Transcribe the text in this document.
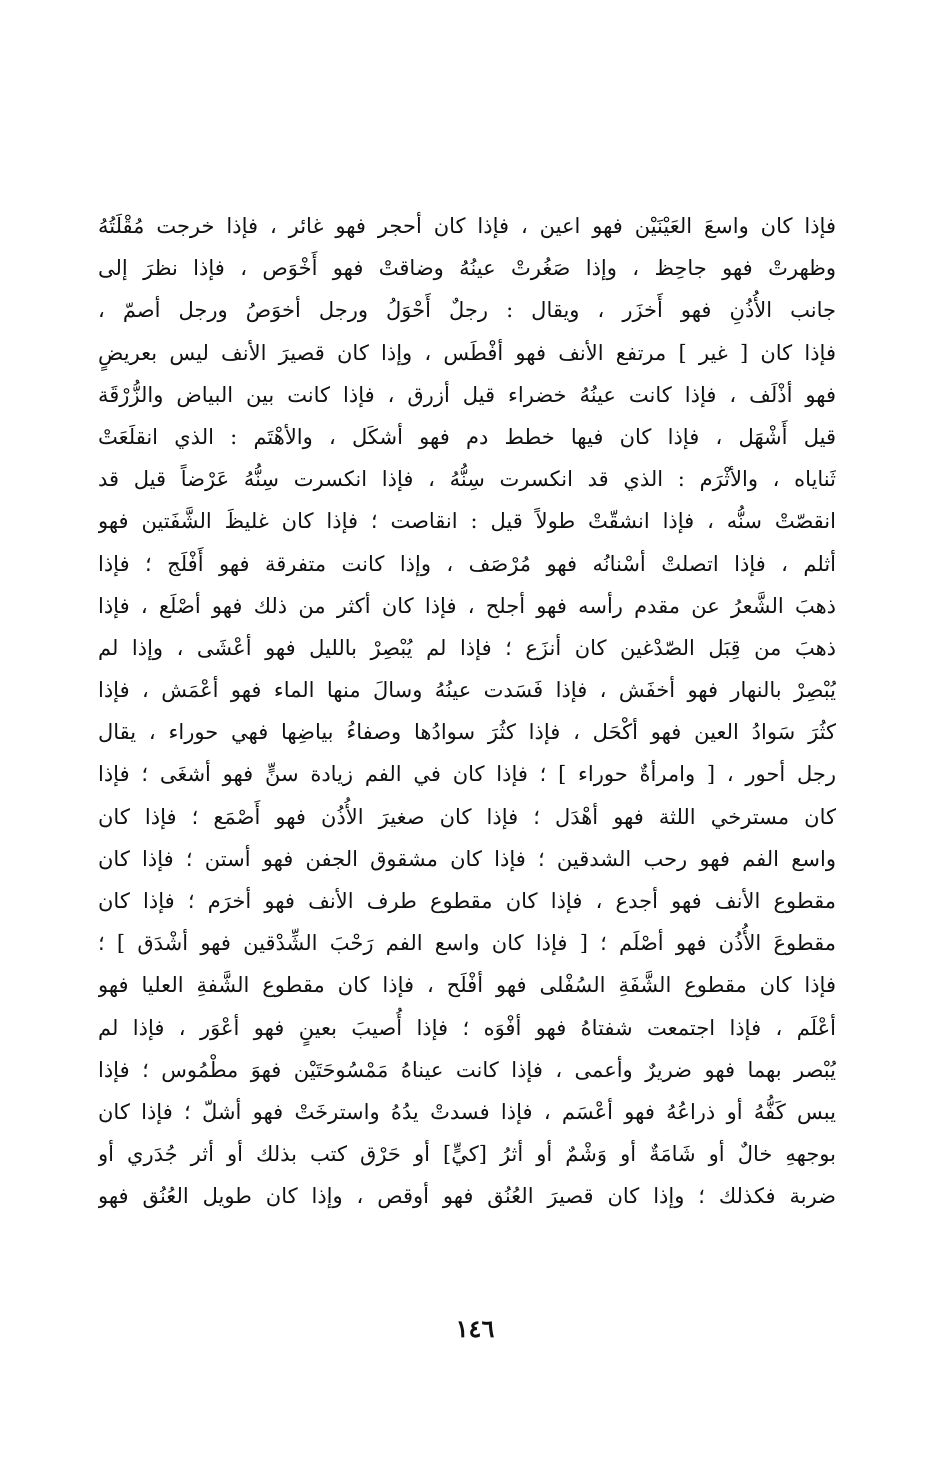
فإذا كان واسعَ العَيْنَيْن فهو اعين ، فإذا كان أحجر فهو غائر ، فإذا خرجت مُقْلَتُهُ
وظهرتْ فهو جاحِظ ، وإذا صَغُرتْ عينُهُ وضاقتْ فهو أَخْوَص ، فإذا نظرَ إلى
جانب الأُذُنِ فهو أَخزَر ، ويقال : رجلٌ أَحْوَلُ ورجل أخوَصُ ورجل أصمّ ،
فإذا كان [ غير ] مرتفع الأنف فهو أفْطَس ، وإذا كان قصيرَ الأنف ليس بعريضٍ
فهو أذْلَف ، فإذا كانت عينُهُ خضراء قيل أزرق ، فإذا كانت بين البياض والزُّرْقَة
قيل أَشْهَل ، فإذا كان فيها خطط دم فهو أشكَل ، والأهْتَم : الذي انقلَعَتْ
ثَناياه ، والأثْرَم : الذي قد انكسرت سِنُّهُ ، فإذا انكسرت سِنُّهُ عَرْضاً قيل قد
انقصّتْ سنُّه ، فإذا انشقّتْ طولاً قيل : انقاصت ؛ فإذا كان غليظَ الشَّفَتين فهو
أثلم ، فإذا اتصلتْ أسْنانُه فهو مُرْصَف ، وإذا كانت متفرقة فهو أَفْلَج ؛ فإذا
ذهبَ الشَّعرُ عن مقدم رأسه فهو أجلح ، فإذا كان أكثر من ذلك فهو أصْلَع ، فإذا
ذهبَ من قِبَل الصّدْغين كان أنزَع ؛ فإذا لم يُبْصِرْ بالليل فهو أعْشَى ، وإذا لم
يُبْصِرْ بالنهار فهو أخفَش ، فإذا فَسَدت عينُهُ وسالَ منها الماء فهو أعْمَش ، فإذا
كثُرَ سَوادُ العين فهو أكْحَل ، فإذا كثُرَ سوادُها وصفاءُ بياضِها فهي حوراء ، يقال
رجل أحور ، [ وامرأةٌ حوراء ] ؛ فإذا كان في الفم زيادة سنٍّ فهو أشغَى ؛ فإذا
كان مسترخي اللثة فهو أهْدَل ؛ فإذا كان صغيرَ الأُذُن فهو أَصْمَع ؛ فإذا كان
واسع الفم فهو رحب الشدقين ؛ فإذا كان مشقوق الجفن فهو أستن ؛ فإذا كان
مقطوع الأنف فهو أجدع ، فإذا كان مقطوع طرف الأنف فهو أخرَم ؛ فإذا كان
مقطوعَ الأُذُن فهو أصْلَم ؛ [ فإذا كان واسع الفم رَحْبَ الشِّدْقين فهو أشْدَق ] ؛
فإذا كان مقطوع الشَّفَةِ السُفْلى فهو أفْلَح ، فإذا كان مقطوع الشَّفةِ العليا فهو
أعْلَم ، فإذا اجتمعت شفتاهُ فهو أفْوَه ؛ فإذا أُصيبَ بعينٍ فهو أعْوَر ، فإذا لم
يُبْصر بهما فهو ضريرٌ وأعمى ، فإذا كانت عيناهُ مَمْسُوحَتَيْن فهوَ مطْمُوس ؛ فإذا
يبس كَفُّهُ أو ذراعُهُ فهو أعْسَم ، فإذا فسدتْ يدُهُ واسترخَتْ فهو أشلّ ؛ فإذا كان
بوجههِ خالٌ أو شَامَةٌ أو وَشْمٌ أو أثرُ [كيٍّ] أو حَرْق كتب بذلك أو أثر جُدَري أو
ضربة فكذلك ؛ وإذا كان قصيرَ العُنُق فهو أوقص ، وإذا كان طويل العُنُق فهو
١٤٦
